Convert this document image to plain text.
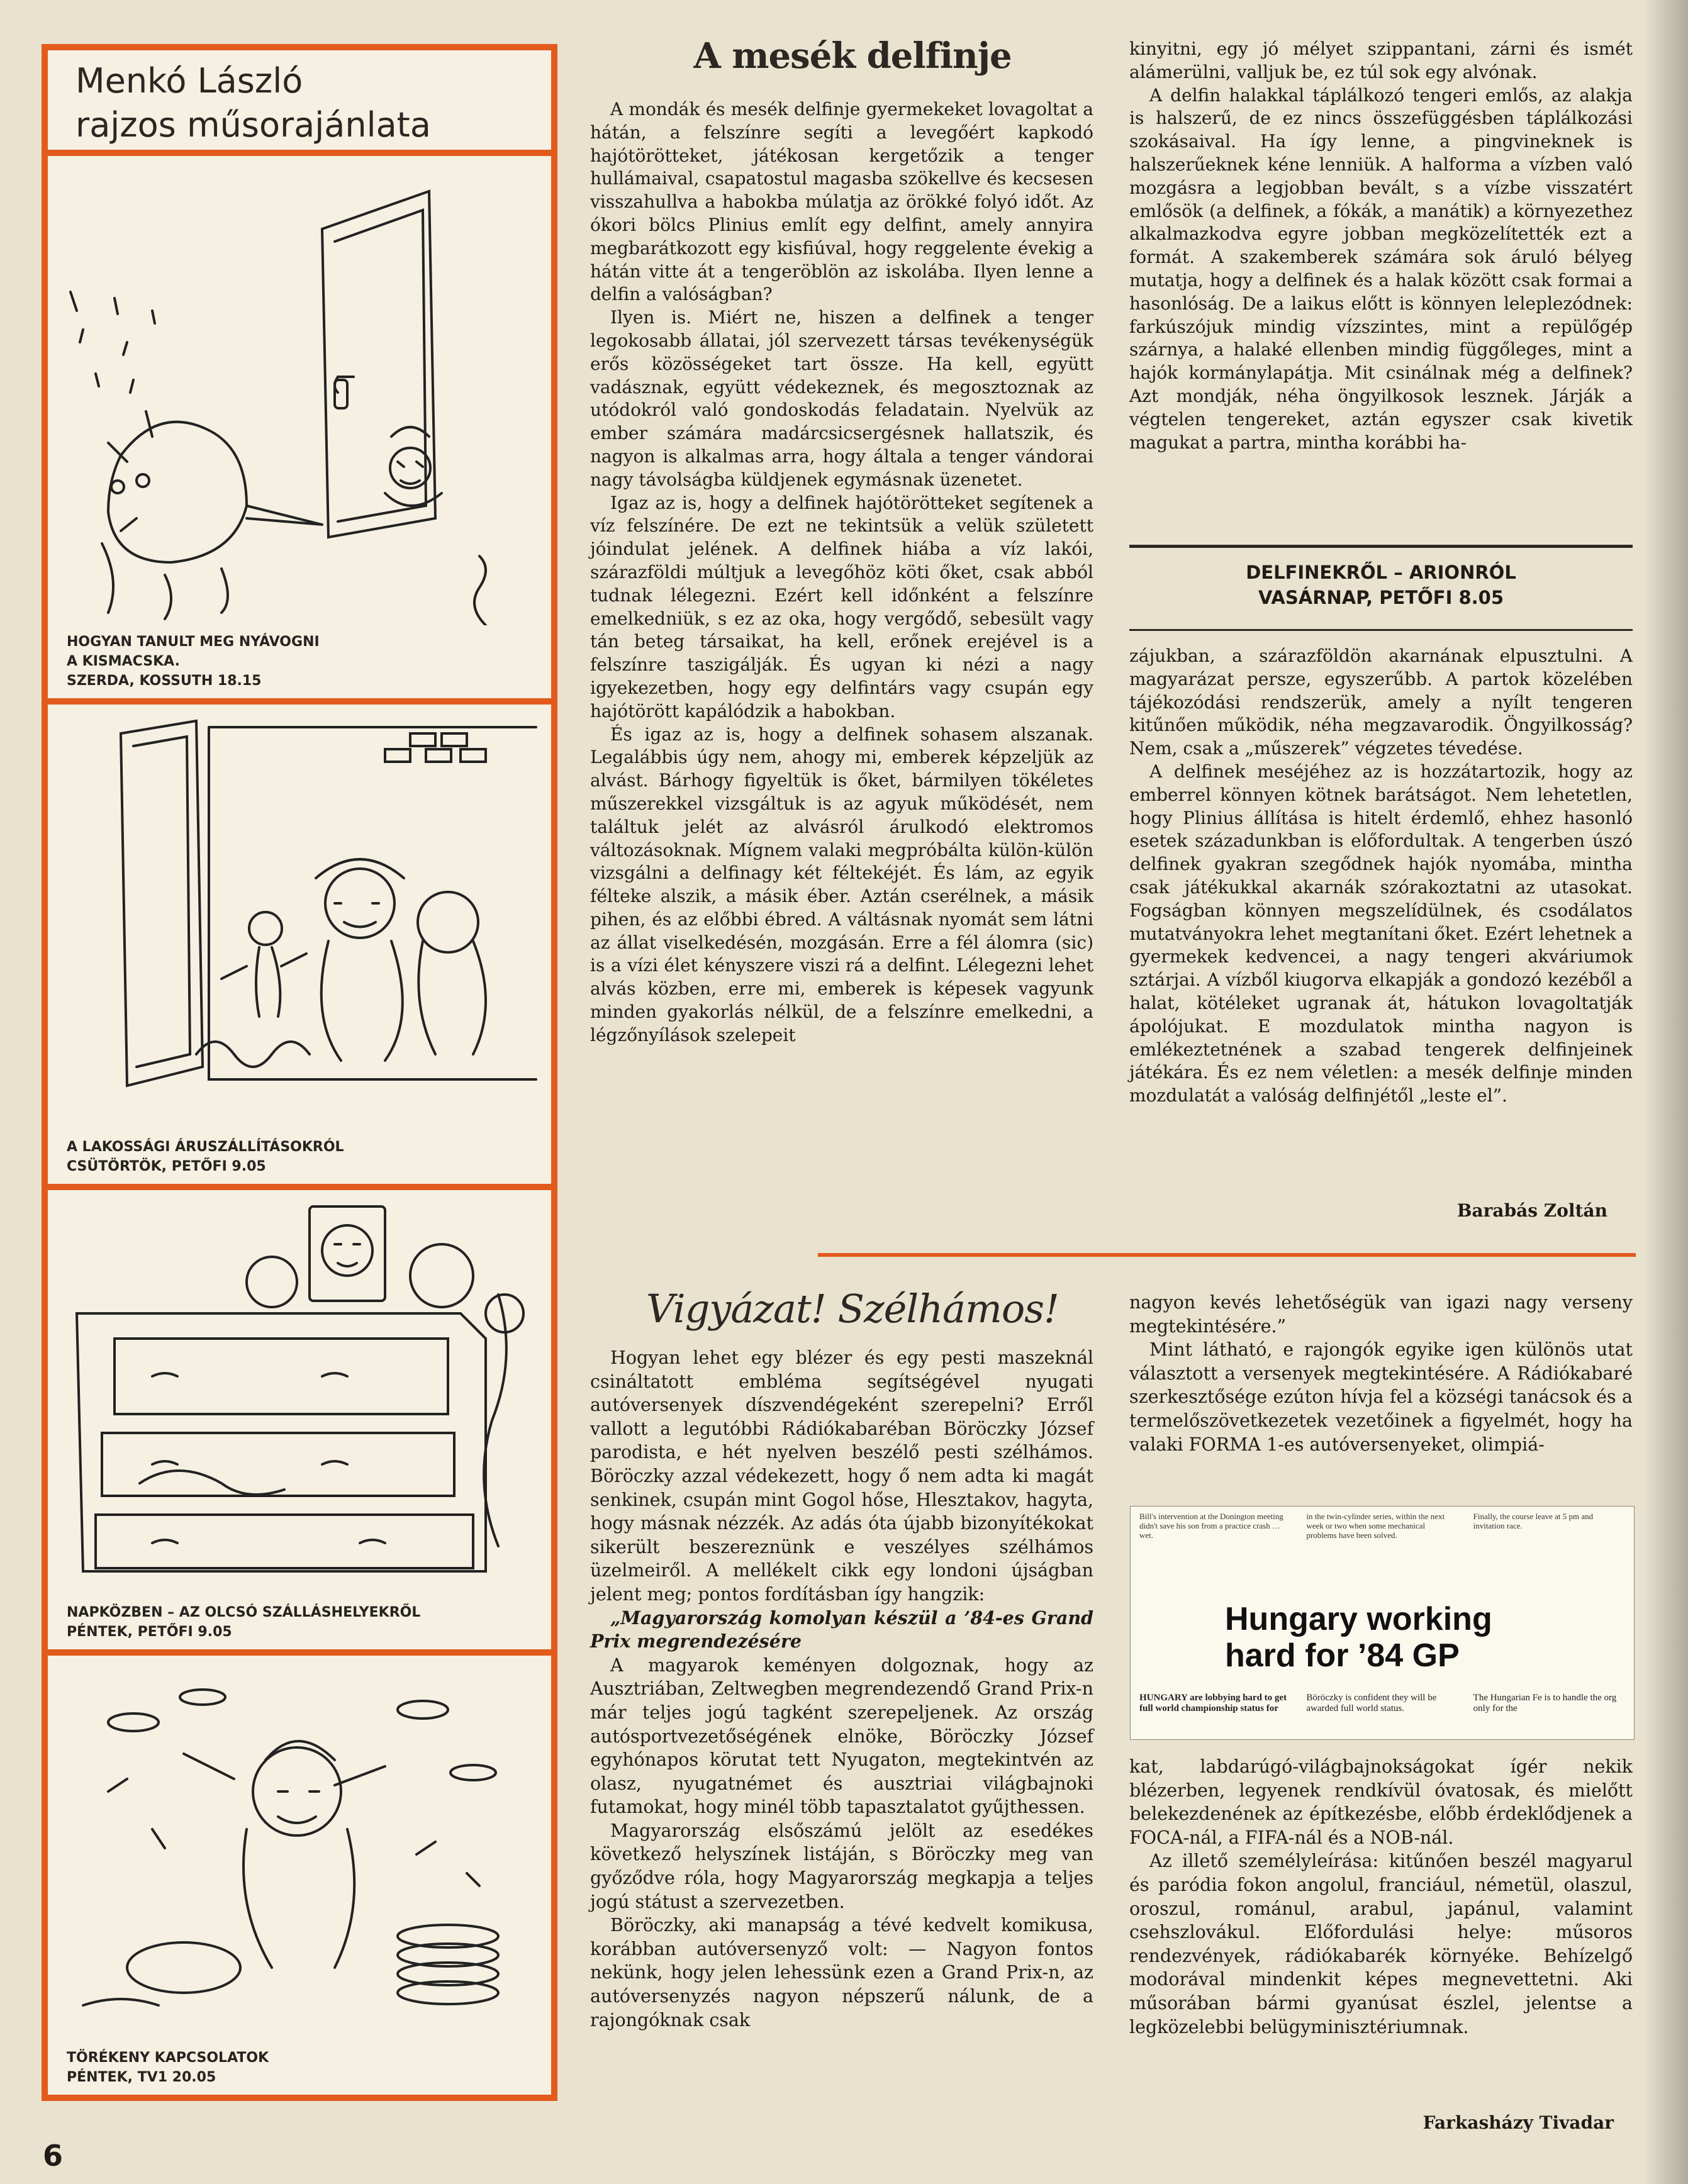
Menkó László
rajzos műsorajánlata
HOGYAN TANULT MEG NYÁVOGNI
A KISMACSKA.
SZERDA, KOSSUTH 18.15
A LAKOSSÁGI ÁRUSZÁLLÍTÁSOKRÓL
CSÜTÖRTÖK, PETŐFI 9.05
NAPKÖZBEN – AZ OLCSÓ SZÁLLÁSHELYEKRŐL
PÉNTEK, PETŐFI 9.05
TÖRÉKENY KAPCSOLATOK
PÉNTEK, TV1 20.05
6
A mesék delfinje

A mondák és mesék delfinje gyermekeket lovagoltat a hátán, a felszínre segíti a levegőért kapkodó hajótörötteket, játékosan kergetőzik a tenger hullámaival, csapatostul magasba szökellve és kecsesen visszahullva a habokba múlatja az örökké folyó időt. Az ókori bölcs Plinius említ egy delfint, amely annyira megbarátkozott egy kisfiúval, hogy reggelente évekig a hátán vitte át a tengeröblön az iskolába. Ilyen lenne a delfin a valóságban?

Ilyen is. Miért ne, hiszen a delfinek a tenger legokosabb állatai, jól szervezett társas tevékenységük erős közösségeket tart össze. Ha kell, együtt vadásznak, együtt védekeznek, és megosztoznak az utódokról való gondoskodás feladatain. Nyelvük az ember számára madárcsicsergésnek hallatszik, és nagyon is alkalmas arra, hogy általa a tenger vándorai nagy távolságba küldjenek egymásnak üzenetet.

Igaz az is, hogy a delfinek hajótörötteket segítenek a víz felszínére. De ezt ne tekintsük a velük született jóindulat jelének. A delfinek hiába a víz lakói, szárazföldi múltjuk a levegőhöz köti őket, csak abból tudnak lélegezni. Ezért kell időnként a felszínre emelkedniük, s ez az oka, hogy vergődő, sebesült vagy tán beteg társaikat, ha kell, erőnek erejével is a felszínre taszigálják. És ugyan ki nézi a nagy igyekezetben, hogy egy delfintárs vagy csupán egy hajótörött kapálódzik a habokban.

És igaz az is, hogy a delfinek sohasem alszanak. Legalábbis úgy nem, ahogy mi, emberek képzeljük az alvást. Bárhogy figyeltük is őket, bármilyen tökéletes műszerekkel vizsgáltuk is az agyuk működését, nem találtuk jelét az alvásról árulkodó elektromos változásoknak. Mígnem valaki megpróbálta külön-külön vizsgálni a delfinagy két féltekéjét. És lám, az egyik félteke alszik, a másik éber. Aztán cserélnek, a másik pihen, és az előbbi ébred. A váltásnak nyomát sem látni az állat viselkedésén, mozgásán. Erre a fél álomra (sic) is a vízi élet kényszere viszi rá a delfint. Lélegezni lehet alvás közben, erre mi, emberek is képesek vagyunk minden gyakorlás nélkül, de a felszínre emelkedni, a légzőnyílások szelepeit

kinyitni, egy jó mélyet szippantani, zárni és ismét alámerülni, valljuk be, ez túl sok egy alvónak.

A delfin halakkal táplálkozó tengeri emlős, az alakja is halszerű, de ez nincs összefüggésben táplálkozási szokásaival. Ha így lenne, a pingvineknek is halszerűeknek kéne lenniük. A halforma a vízben való mozgásra a legjobban bevált, s a vízbe visszatért emlősök (a delfinek, a fókák, a manátik) a környezethez alkalmazkodva egyre jobban megközelítették ezt a formát. A szakemberek számára sok áruló bélyeg mutatja, hogy a delfinek és a halak között csak formai a hasonlóság. De a laikus előtt is könnyen leleplezódnek: farkúszójuk mindig vízszintes, mint a repülőgép szárnya, a halaké ellenben mindig függőleges, mint a hajók kormánylapátja. Mit csinálnak még a delfinek? Azt mondják, néha öngyilkosok lesznek. Járják a végtelen tengereket, aztán egyszer csak kivetik magukat a partra, mintha korábbi ha-

DELFINEKRŐL – ARIONRÓL
VASÁRNAP, PETŐFI 8.05

zájukban, a szárazföldön akarnának elpusztulni. A magyarázat persze, egyszerűbb. A partok közelében tájékozódási rendszerük, amely a nyílt tengeren kitűnően működik, néha megzavarodik. Öngyilkosság? Nem, csak a „műszerek” végzetes tévedése.

A delfinek meséjéhez az is hozzátartozik, hogy az emberrel könnyen kötnek barátságot. Nem lehetetlen, hogy Plinius állítása is hitelt érdemlő, ehhez hasonló esetek századunkban is előfordultak. A tengerben úszó delfinek gyakran szegődnek hajók nyomába, mintha csak játékukkal akarnák szórakoztatni az utasokat. Fogságban könnyen megszelídülnek, és csodálatos mutatványokra lehet megtanítani őket. Ezért lehetnek a gyermekek kedvencei, a nagy tengeri akváriumok sztárjai. A vízből kiugorva elkapják a gondozó kezéből a halat, kötéleket ugranak át, hátukon lovagoltatják ápolójukat. E mozdulatok mintha nagyon is emlékeztetnének a szabad tengerek delfinjeinek játékára. És ez nem véletlen: a mesék delfinje minden mozdulatát a valóság delfinjétől „leste el”.

Barabás Zoltán
Vigyázat! Szélhámos!

Hogyan lehet egy blézer és egy pesti maszeknál csináltatott embléma segítségével nyugati autóversenyek díszvendégeként szerepelni? Erről vallott a legutóbbi Rádiókabaréban Böröczky József parodista, e hét nyelven beszélő pesti szélhámos. Böröczky azzal védekezett, hogy ő nem adta ki magát senkinek, csupán mint Gogol hőse, Hlesztakov, hagyta, hogy másnak nézzék. Az adás óta újabb bizonyítékokat sikerült beszereznünk e veszélyes szélhámos üzelmeiről. A mellékelt cikk egy londoni újságban jelent meg; pontos fordításban így hangzik:

„Magyarország komolyan készül a ’84-es Grand Prix megrendezésére

A magyarok keményen dolgoznak, hogy az Ausztriában, Zeltwegben megrendezendő Grand Prix-n már teljes jogú tagként szerepeljenek. Az ország autósportvezetőségének elnöke, Böröczky József egyhónapos körutat tett Nyugaton, megtekintvén az olasz, nyugatnémet és ausztriai világbajnoki futamokat, hogy minél több tapasztalatot gyűjthessen.

Magyarország elsőszámú jelölt az esedékes következő helyszínek listáján, s Böröczky meg van győződve róla, hogy Magyarország megkapja a teljes jogú státust a szervezetben.

Böröczky, aki manapság a tévé kedvelt komikusa, korábban autóversenyző volt: — Nagyon fontos nekünk, hogy jelen lehessünk ezen a Grand Prix-n, az autóversenyzés nagyon népszerű nálunk, de a rajongóknak csak

nagyon kevés lehetőségük van igazi nagy verseny megtekintésére.”

Mint látható, e rajongók egyike igen különös utat választott a versenyek megtekintésére. A Rádiókabaré szerkesztősége ezúton hívja fel a községi tanácsok és a termelőszövetkezetek vezetőinek a figyelmét, hogy ha valaki FORMA 1-es autóversenyeket, olimpiá-

Bill's intervention at the Donington meeting didn't save his son from a practice crash … wet.
in the twin-cylinder series, within the next week or two when some mechanical problems have been solved.
Finally, the course leave at 5 pm and invitation race.
Hungary working
hard for ’84 GP
HUNGARY are lobbying hard to get full world championship status for
Böröczky is confident they will be awarded full world status.
The Hungarian Fe is to handle the org only for the

kat, labdarúgó-világbajnokságokat ígér nekik blézerben, legyenek rendkívül óvatosak, és mielőtt belekezdenének az építkezésbe, előbb érdeklődjenek a FOCA-nál, a FIFA-nál és a NOB-nál.

Az illető személyleírása: kitűnően beszél magyarul és paródia fokon angolul, franciául, németül, olaszul, oroszul, románul, arabul, japánul, valamint csehszlovákul. Előfordulási helye: műsoros rendezvények, rádiókabarék környéke. Behízelgő modorával mindenkit képes megnevettetni. Aki műsorában bármi gyanúsat észlel, jelentse a legközelebbi belügyminisztériumnak.

Farkasházy Tivadar
